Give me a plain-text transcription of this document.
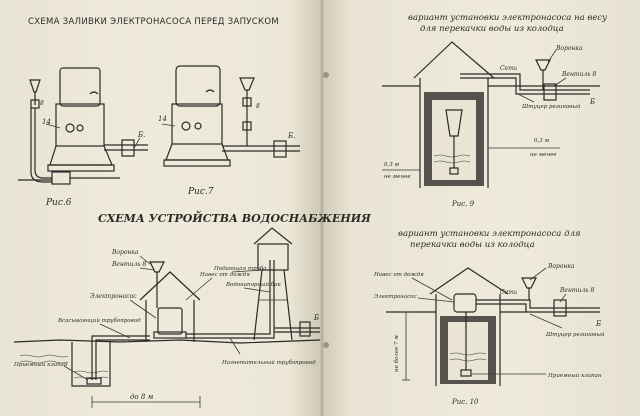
СХЕМА ЗАЛИВКИ ЭЛЕКТРОНАСОСА ПЕРЕД ЗАПУСКОМ
14
8
Б.
Рис.6
14
8
Б.
Рис.7
СХЕМА УСТРОЙСТВА ВОДОСНАБЖЕНИЯ
Воронка
Вентиль 8
Электронасос
Всасывающий трубопровод
Приемный клапан
Навес от дождя
Подающая труба
Водонапорный бак
Нагнетательный трубопровод
Б
до 8 м
вариант установки электронасоса на весу
для перекачки воды из колодца
Воронка
Вентиль 8
Штуцер резиновый
Сеть
0,3 м
не менее
0,3 м
не менее
Б
Рис. 9
вариант установки электронасоса для
перекачки воды из колодца
Навес от дождя
Электронасос
Сеть
Воронка
Вентиль 8
Штуцер резиновый
Приемный клапан
не более 7 м
Б
Рис. 10
